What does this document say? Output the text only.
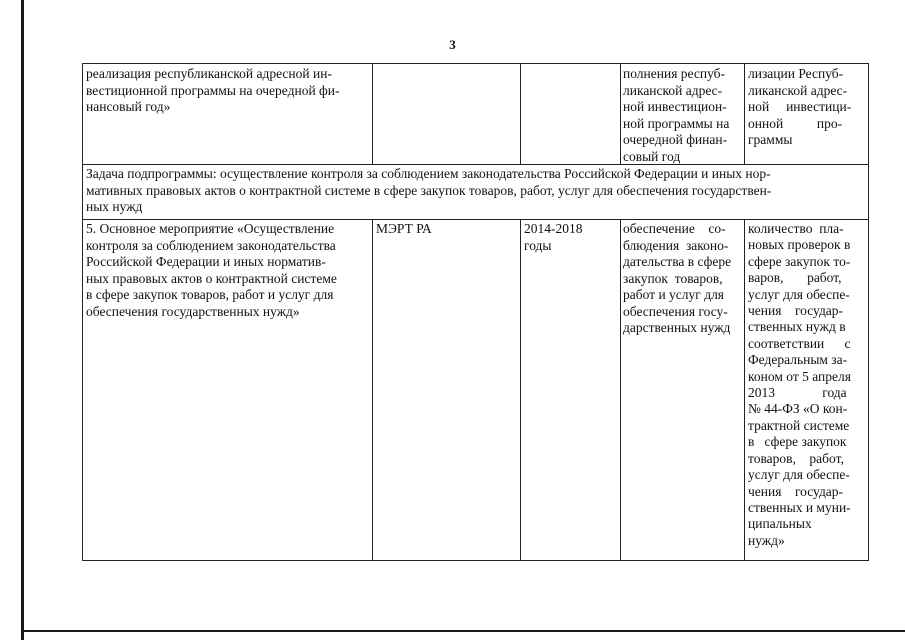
3
реализация республиканской адресной ин-
вестиционной программы на очередной фи-
нансовый год»
полнения респуб-
ликанской адрес-
ной инвестицион-
ной программы на
очередной финан-
совый год
лизации Респуб-
ликанской адрес-
ной     инвестици-
онной          про-
граммы
Задача подпрограммы: осуществление контроля за соблюдением законодательства Российской Федерации и иных нор-
мативных правовых актов о контрактной системе в сфере закупок товаров, работ, услуг для обеспечения государствен-
ных нужд
5. Основное мероприятие «Осуществление
контроля за соблюдением законодательства
Российской Федерации и иных норматив-
ных правовых актов о контрактной системе
в сфере закупок товаров, работ и услуг для
обеспечения государственных нужд»
МЭРТ РА	2014-2018
годы
обеспечение    со-
блюдения  законо-
дательства в сфере
закупок  товаров,
работ и услуг для
обеспечения госу-
дарственных нужд
количество  пла-
новых проверок в
сфере закупок то-
варов,       работ,
услуг для обеспе-
чения    государ-
ственных нужд в
соответствии      с
Федеральным за-
коном от 5 апреля
2013              года
№ 44-ФЗ «О кон-
трактной системе
в   сфере закупок
товаров,    работ,
услуг для обеспе-
чения    государ-
ственных и муни-
ципальных
нужд»
